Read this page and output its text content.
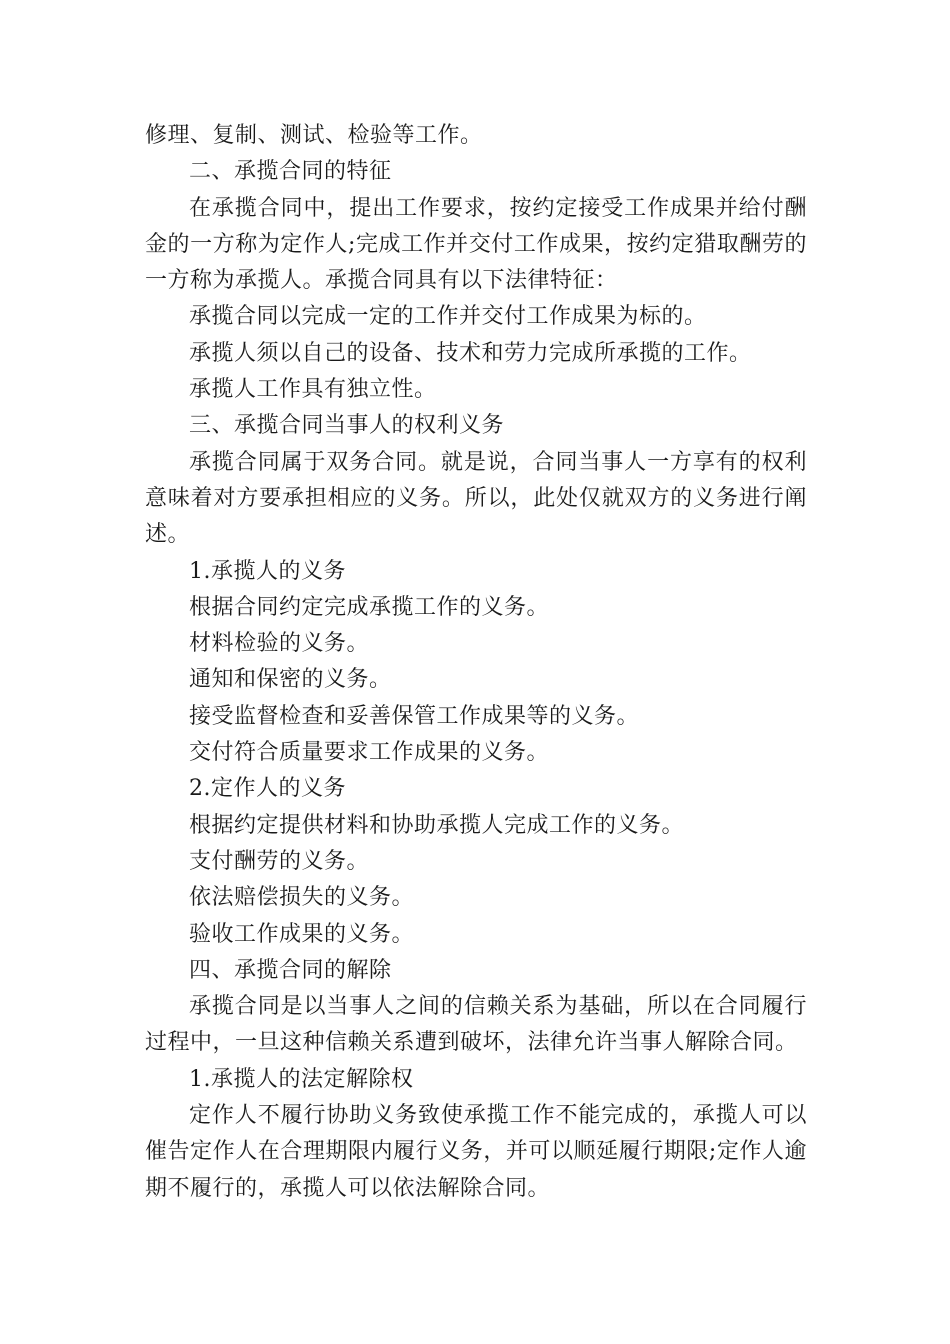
修理、复制、测试、检验等工作。

二、承揽合同的特征

在承揽合同中，提出工作要求，按约定接受工作成果并给付酬金的一方称为定作人;完成工作并交付工作成果，按约定猎取酬劳的一方称为承揽人。承揽合同具有以下法律特征：

承揽合同以完成一定的工作并交付工作成果为标的。

承揽人须以自己的设备、技术和劳力完成所承揽的工作。

承揽人工作具有独立性。

三、承揽合同当事人的权利义务

承揽合同属于双务合同。就是说，合同当事人一方享有的权利意味着对方要承担相应的义务。所以，此处仅就双方的义务进行阐述。

1.承揽人的义务

根据合同约定完成承揽工作的义务。

材料检验的义务。

通知和保密的义务。

接受监督检查和妥善保管工作成果等的义务。

交付符合质量要求工作成果的义务。

2.定作人的义务

根据约定提供材料和协助承揽人完成工作的义务。

支付酬劳的义务。

依法赔偿损失的义务。

验收工作成果的义务。

四、承揽合同的解除

承揽合同是以当事人之间的信赖关系为基础，所以在合同履行过程中，一旦这种信赖关系遭到破坏，法律允许当事人解除合同。

1.承揽人的法定解除权

定作人不履行协助义务致使承揽工作不能完成的，承揽人可以催告定作人在合理期限内履行义务，并可以顺延履行期限;定作人逾期不履行的，承揽人可以依法解除合同。
